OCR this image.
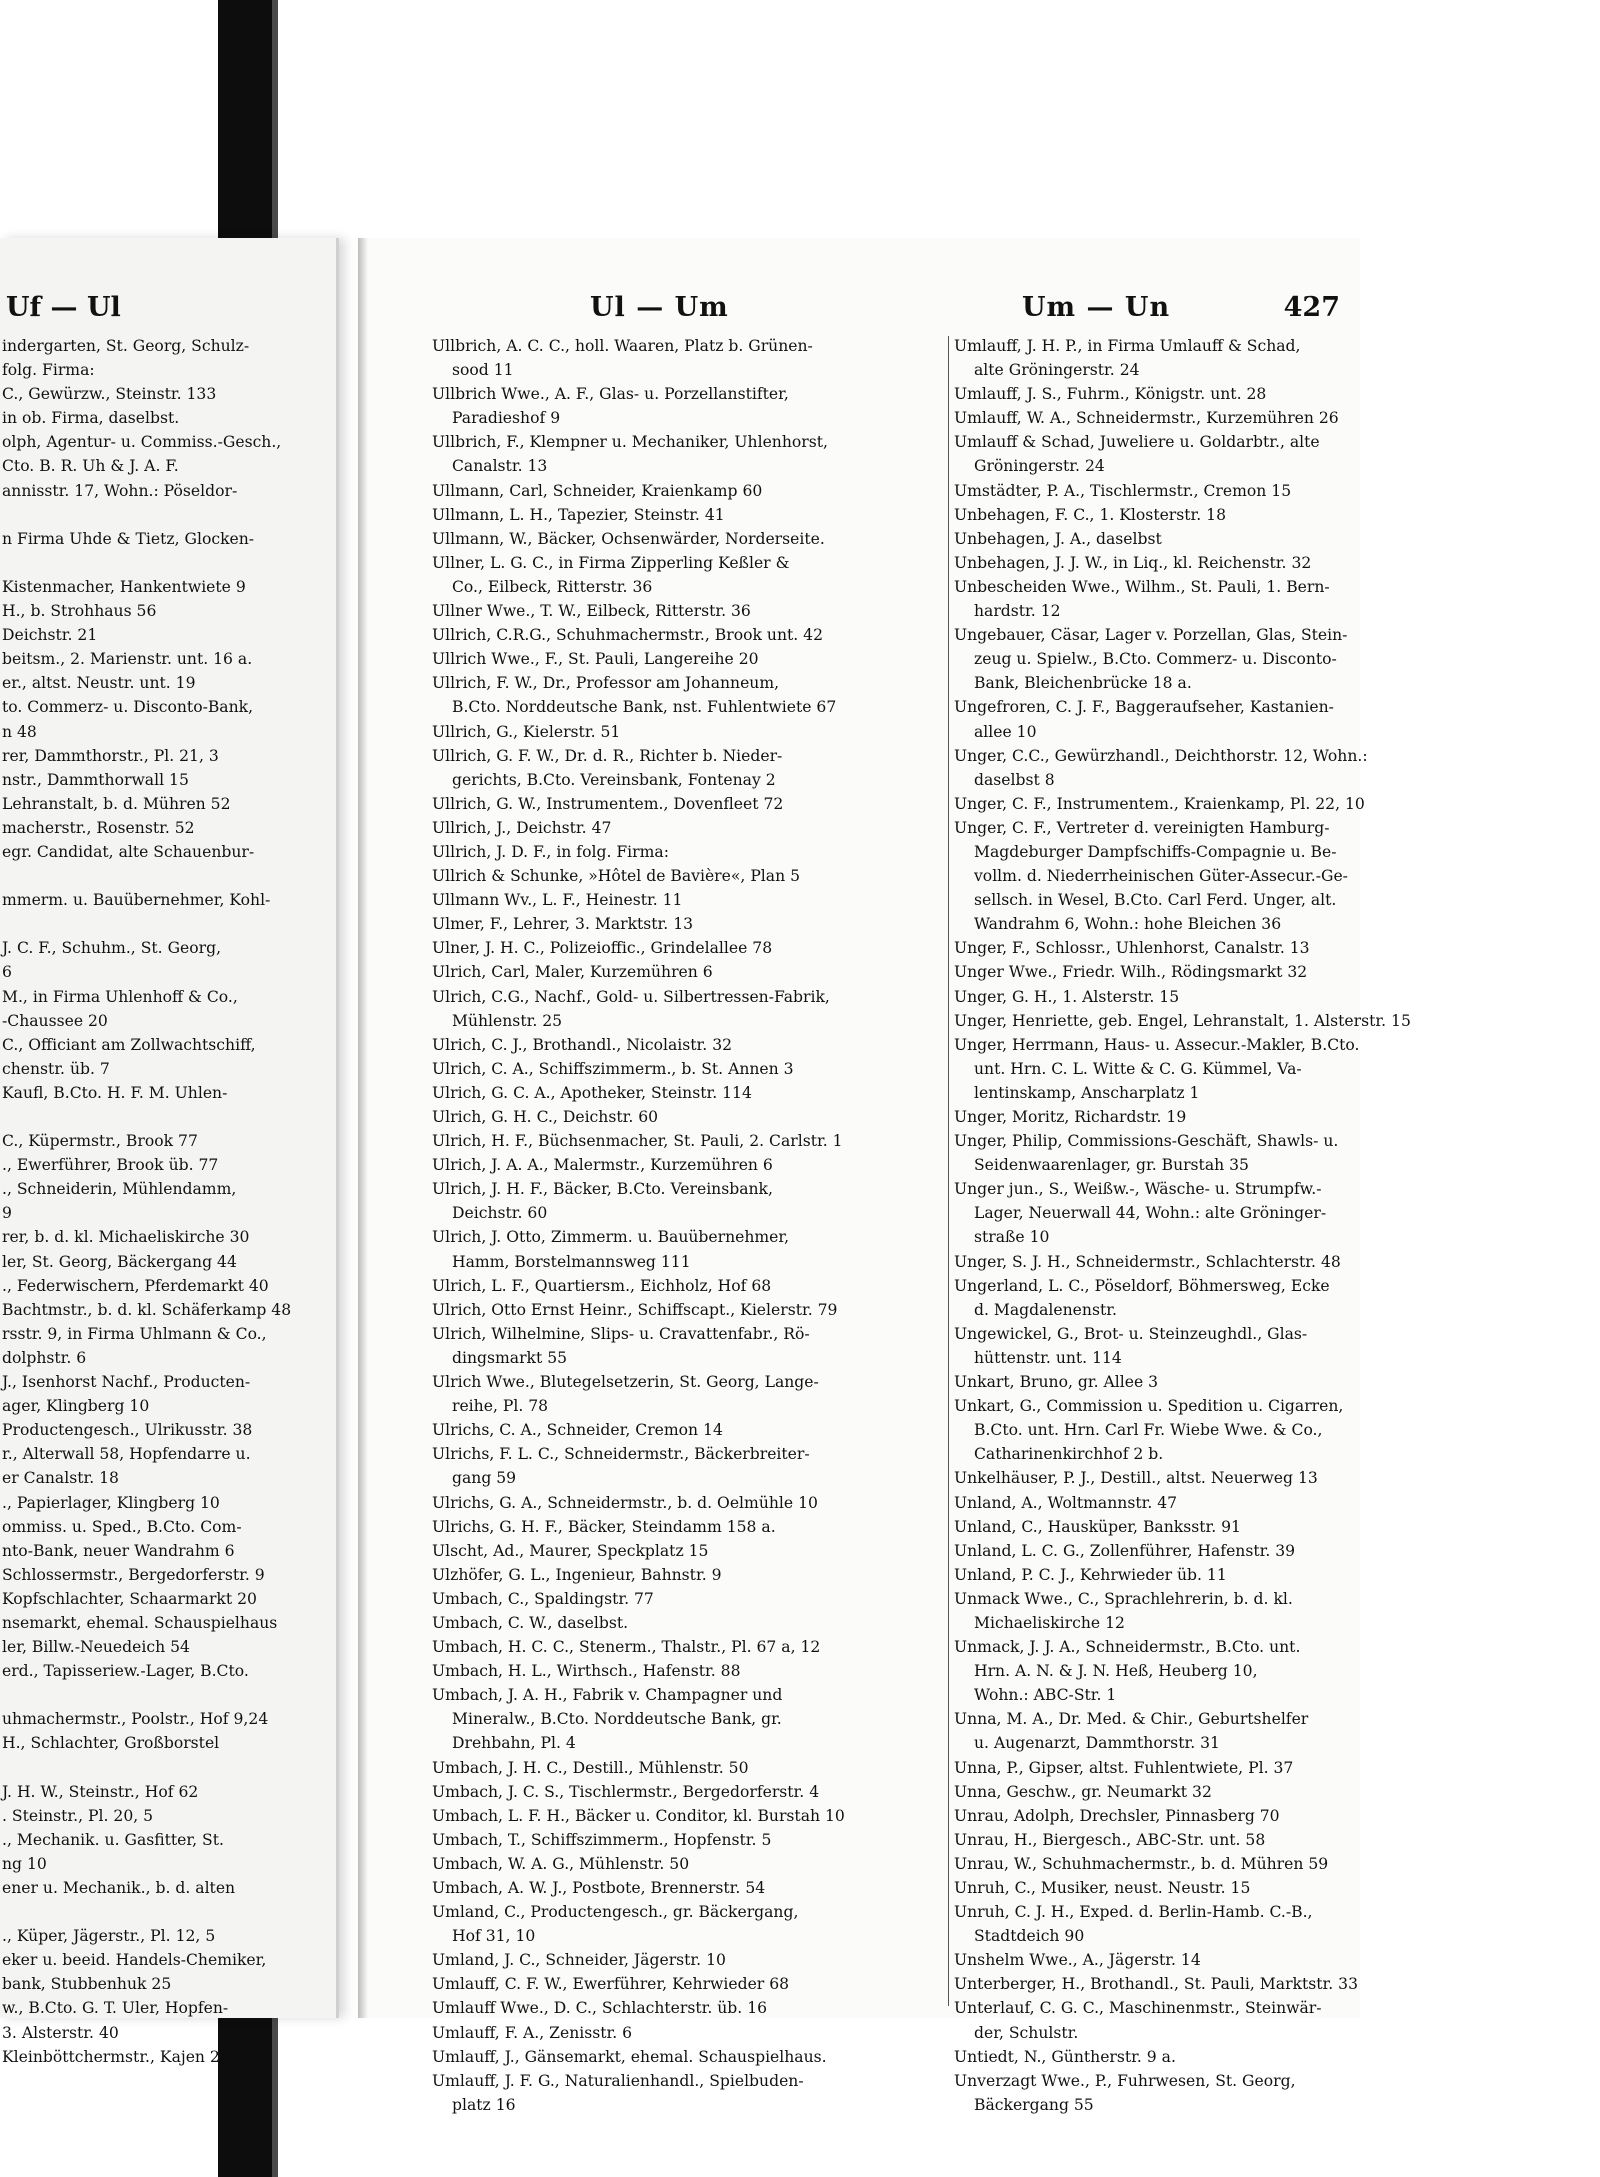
Uf — Ul
indergarten, St. Georg, Schulz-
folg. Firma:
C., Gewürzw., Steinstr. 133
in ob. Firma, daselbst.
olph, Agentur- u. Commiss.-Gesch.,
Cto. B. R. Uh & J. A. F.
annisstr. 17, Wohn.: Pöseldor-

n Firma Uhde & Tietz, Glocken-

Kistenmacher, Hankentwiete 9
H., b. Strohhaus 56
Deichstr. 21
beitsm., 2. Marienstr. unt. 16 a.
er., altst. Neustr. unt. 19
to. Commerz- u. Disconto-Bank,
n 48
rer, Dammthorstr., Pl. 21, 3
nstr., Dammthorwall 15
Lehranstalt, b. d. Mühren 52
macherstr., Rosenstr. 52
egr. Candidat, alte Schauenbur-

mmerm. u. Bauübernehmer, Kohl-

J. C. F., Schuhm., St. Georg,
6
M., in Firma Uhlenhoff & Co.,
-Chaussee 20
C., Officiant am Zollwachtschiff,
chenstr. üb. 7
Kaufl, B.Cto. H. F. M. Uhlen-

C., Küpermstr., Brook 77
., Ewerführer, Brook üb. 77
., Schneiderin, Mühlendamm,
9
rer, b. d. kl. Michaeliskirche 30
ler, St. Georg, Bäckergang 44
., Federwischern, Pferdemarkt 40
Bachtmstr., b. d. kl. Schäferkamp 48
rsstr. 9, in Firma Uhlmann & Co.,
dolphstr. 6
J., Isenhorst Nachf., Producten-
ager, Klingberg 10
Productengesch., Ulrikusstr. 38
r., Alterwall 58, Hopfendarre u.
er Canalstr. 18
., Papierlager, Klingberg 10
ommiss. u. Sped., B.Cto. Com-
nto-Bank, neuer Wandrahm 6
Schlossermstr., Bergedorferstr. 9
Kopfschlachter, Schaarmarkt 20
nsemarkt, ehemal. Schauspielhaus
ler, Billw.-Neuedeich 54
erd., Tapisseriew.-Lager, B.Cto.

uhmachermstr., Poolstr., Hof 9,24
H., Schlachter, Großborstel

J. H. W., Steinstr., Hof 62
. Steinstr., Pl. 20, 5
., Mechanik. u. Gasfitter, St.
ng 10
ener u. Mechanik., b. d. alten

., Küper, Jägerstr., Pl. 12, 5
eker u. beeid. Handels-Chemiker,
bank, Stubbenhuk 25
w., B.Cto. G. T. Uler, Hopfen-
3. Alsterstr. 40
Kleinböttchermstr., Kajen 2
Ul — Um	Um — Un	427
Ullbrich, A. C. C., holl. Waaren, Platz b. Grünen-
sood 11
Ullbrich Wwe., A. F., Glas- u. Porzellanstifter,
Paradieshof 9
Ullbrich, F., Klempner u. Mechaniker, Uhlenhorst,
Canalstr. 13
Ullmann, Carl, Schneider, Kraienkamp 60
Ullmann, L. H., Tapezier, Steinstr. 41
Ullmann, W., Bäcker, Ochsenwärder, Norderseite.
Ullner, L. G. C., in Firma Zipperling Keßler &
Co., Eilbeck, Ritterstr. 36
Ullner Wwe., T. W., Eilbeck, Ritterstr. 36
Ullrich, C.R.G., Schuhmachermstr., Brook unt. 42
Ullrich Wwe., F., St. Pauli, Langereihe 20
Ullrich, F. W., Dr., Professor am Johanneum,
B.Cto. Norddeutsche Bank, nst. Fuhlentwiete 67
Ullrich, G., Kielerstr. 51
Ullrich, G. F. W., Dr. d. R., Richter b. Nieder-
gerichts, B.Cto. Vereinsbank, Fontenay 2
Ullrich, G. W., Instrumentem., Dovenfleet 72
Ullrich, J., Deichstr. 47
Ullrich, J. D. F., in folg. Firma:
Ullrich & Schunke, »Hôtel de Bavière«, Plan 5
Ullmann Wv., L. F., Heinestr. 11
Ulmer, F., Lehrer, 3. Marktstr. 13
Ulner, J. H. C., Polizeioffic., Grindelallee 78
Ulrich, Carl, Maler, Kurzemühren 6
Ulrich, C.G., Nachf., Gold- u. Silbertressen-Fabrik,
Mühlenstr. 25
Ulrich, C. J., Brothandl., Nicolaistr. 32
Ulrich, C. A., Schiffszimmerm., b. St. Annen 3
Ulrich, G. C. A., Apotheker, Steinstr. 114
Ulrich, G. H. C., Deichstr. 60
Ulrich, H. F., Büchsenmacher, St. Pauli, 2. Carlstr. 1
Ulrich, J. A. A., Malermstr., Kurzemühren 6
Ulrich, J. H. F., Bäcker, B.Cto. Vereinsbank,
Deichstr. 60
Ulrich, J. Otto, Zimmerm. u. Bauübernehmer,
Hamm, Borstelmannsweg 111
Ulrich, L. F., Quartiersm., Eichholz, Hof 68
Ulrich, Otto Ernst Heinr., Schiffscapt., Kielerstr. 79
Ulrich, Wilhelmine, Slips- u. Cravattenfabr., Rö-
dingsmarkt 55
Ulrich Wwe., Blutegelsetzerin, St. Georg, Lange-
reihe, Pl. 78
Ulrichs, C. A., Schneider, Cremon 14
Ulrichs, F. L. C., Schneidermstr., Bäckerbreiter-
gang 59
Ulrichs, G. A., Schneidermstr., b. d. Oelmühle 10
Ulrichs, G. H. F., Bäcker, Steindamm 158 a.
Ulscht, Ad., Maurer, Speckplatz 15
Ulzhöfer, G. L., Ingenieur, Bahnstr. 9
Umbach, C., Spaldingstr. 77
Umbach, C. W., daselbst.
Umbach, H. C. C., Stenerm., Thalstr., Pl. 67 a, 12
Umbach, H. L., Wirthsch., Hafenstr. 88
Umbach, J. A. H., Fabrik v. Champagner und
Mineralw., B.Cto. Norddeutsche Bank, gr.
Drehbahn, Pl. 4
Umbach, J. H. C., Destill., Mühlenstr. 50
Umbach, J. C. S., Tischlermstr., Bergedorferstr. 4
Umbach, L. F. H., Bäcker u. Conditor, kl. Burstah 10
Umbach, T., Schiffszimmerm., Hopfenstr. 5
Umbach, W. A. G., Mühlenstr. 50
Umbach, A. W. J., Postbote, Brennerstr. 54
Umland, C., Productengesch., gr. Bäckergang,
Hof 31, 10
Umland, J. C., Schneider, Jägerstr. 10
Umlauff, C. F. W., Ewerführer, Kehrwieder 68
Umlauff Wwe., D. C., Schlachterstr. üb. 16
Umlauff, F. A., Zenisstr. 6
Umlauff, J., Gänsemarkt, ehemal. Schauspielhaus.
Umlauff, J. F. G., Naturalienhandl., Spielbuden-
platz 16
Umlauff, J. H. P., in Firma Umlauff & Schad,
alte Gröningerstr. 24
Umlauff, J. S., Fuhrm., Königstr. unt. 28
Umlauff, W. A., Schneidermstr., Kurzemühren 26
Umlauff & Schad, Juweliere u. Goldarbtr., alte
Gröningerstr. 24
Umstädter, P. A., Tischlermstr., Cremon 15
Unbehagen, F. C., 1. Klosterstr. 18
Unbehagen, J. A., daselbst
Unbehagen, J. J. W., in Liq., kl. Reichenstr. 32
Unbescheiden Wwe., Wilhm., St. Pauli, 1. Bern-
hardstr. 12
Ungebauer, Cäsar, Lager v. Porzellan, Glas, Stein-
zeug u. Spielw., B.Cto. Commerz- u. Disconto-
Bank, Bleichenbrücke 18 a.
Ungefroren, C. J. F., Baggeraufseher, Kastanien-
allee 10
Unger, C.C., Gewürzhandl., Deichthorstr. 12, Wohn.:
daselbst 8
Unger, C. F., Instrumentem., Kraienkamp, Pl. 22, 10
Unger, C. F., Vertreter d. vereinigten Hamburg-
Magdeburger Dampfschiffs-Compagnie u. Be-
vollm. d. Niederrheinischen Güter-Assecur.-Ge-
sellsch. in Wesel, B.Cto. Carl Ferd. Unger, alt.
Wandrahm 6, Wohn.: hohe Bleichen 36
Unger, F., Schlossr., Uhlenhorst, Canalstr. 13
Unger Wwe., Friedr. Wilh., Rödingsmarkt 32
Unger, G. H., 1. Alsterstr. 15
Unger, Henriette, geb. Engel, Lehranstalt, 1. Alsterstr. 15
Unger, Herrmann, Haus- u. Assecur.-Makler, B.Cto.
unt. Hrn. C. L. Witte & C. G. Kümmel, Va-
lentinskamp, Anscharplatz 1
Unger, Moritz, Richardstr. 19
Unger, Philip, Commissions-Geschäft, Shawls- u.
Seidenwaarenlager, gr. Burstah 35
Unger jun., S., Weißw.-, Wäsche- u. Strumpfw.-
Lager, Neuerwall 44, Wohn.: alte Gröninger-
straße 10
Unger, S. J. H., Schneidermstr., Schlachterstr. 48
Ungerland, L. C., Pöseldorf, Böhmersweg, Ecke
d. Magdalenenstr.
Ungewickel, G., Brot- u. Steinzeughdl., Glas-
hüttenstr. unt. 114
Unkart, Bruno, gr. Allee 3
Unkart, G., Commission u. Spedition u. Cigarren,
B.Cto. unt. Hrn. Carl Fr. Wiebe Wwe. & Co.,
Catharinenkirchhof 2 b.
Unkelhäuser, P. J., Destill., altst. Neuerweg 13
Unland, A., Woltmannstr. 47
Unland, C., Hausküper, Banksstr. 91
Unland, L. C. G., Zollenführer, Hafenstr. 39
Unland, P. C. J., Kehrwieder üb. 11
Unmack Wwe., C., Sprachlehrerin, b. d. kl.
Michaeliskirche 12
Unmack, J. J. A., Schneidermstr., B.Cto. unt.
Hrn. A. N. & J. N. Heß, Heuberg 10,
Wohn.: ABC-Str. 1
Unna, M. A., Dr. Med. & Chir., Geburtshelfer
u. Augenarzt, Dammthorstr. 31
Unna, P., Gipser, altst. Fuhlentwiete, Pl. 37
Unna, Geschw., gr. Neumarkt 32
Unrau, Adolph, Drechsler, Pinnasberg 70
Unrau, H., Biergesch., ABC-Str. unt. 58
Unrau, W., Schuhmachermstr., b. d. Mühren 59
Unruh, C., Musiker, neust. Neustr. 15
Unruh, C. J. H., Exped. d. Berlin-Hamb. C.-B.,
Stadtdeich 90
Unshelm Wwe., A., Jägerstr. 14
Unterberger, H., Brothandl., St. Pauli, Marktstr. 33
Unterlauf, C. G. C., Maschinenmstr., Steinwär-
der, Schulstr.
Untiedt, N., Güntherstr. 9 a.
Unverzagt Wwe., P., Fuhrwesen, St. Georg,
Bäckergang 55
